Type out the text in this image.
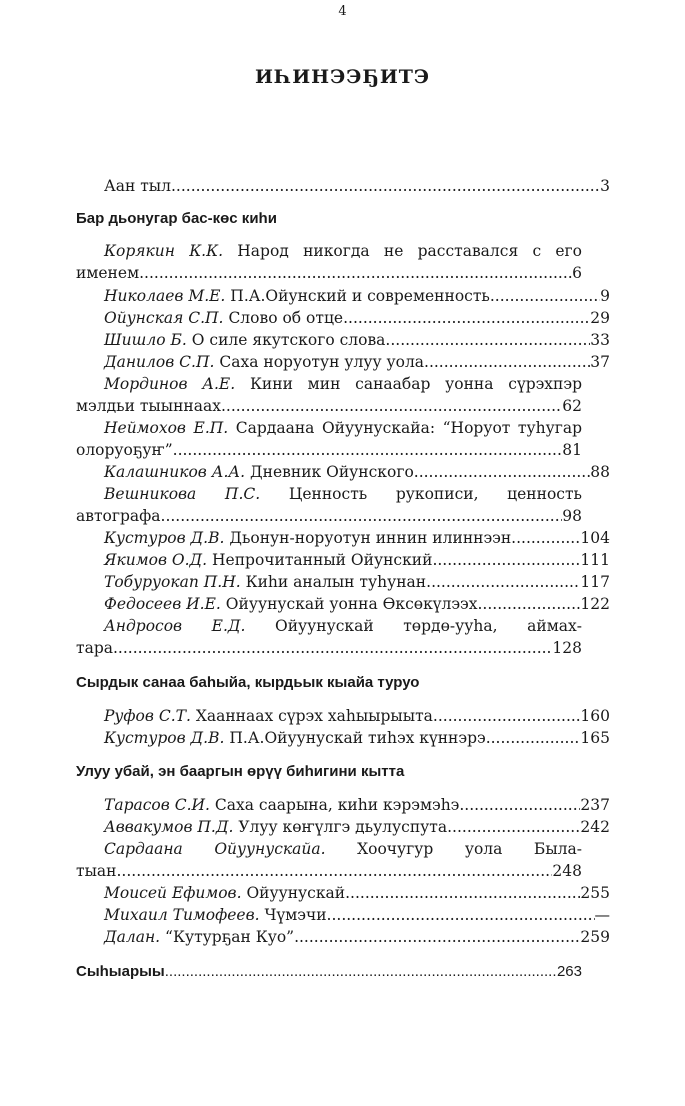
4
ИҺИНЭЭҔИТЭ
Аан тыл .....	3
Бар дьонугар бас-көс киһи
Корякин К.К. Народ никогда не расставался с его
именем .....	6
Николаев М.Е. П.А.Ойунский и современность .....	9
Ойунская С.П. Слово об отце .....	29
Шишло Б. О силе якутского слова .....	33
Данилов С.П. Саха норуотун улуу уола .....	37
Мординов А.Е. Кини мин санаабар уонна сүрэхпэр
мэлдьи тыыннаах .....	62
Неймохов Е.П. Сардаана Ойуунускайа: “Норуот туһугар
олоруоҕуҥ” .....	81
Калашников А.А. Дневник Ойунского .....	88
Вешникова П.С. Ценность рукописи, ценность
автографа .....	98
Кустуров Д.В. Дьонун-норуотун иннин илиннээн .....	104
Якимов О.Д. Непрочитанный Ойунский .....	111
Тобуруокап П.Н. Киһи аналын туһунан .....	117
Федосеев И.Е. Ойуунускай уонна Өксөкүлээх .....	122
Андросов Е.Д. Ойуунускай төрдө-ууһа, аймах-
тара .....	128
Сырдык санаа баһыйа, кырдьык кыайа туруо
Руфов С.Т. Хааннаах сүрэх хаһыырыыта .....	160
Кустуров Д.В. П.А.Ойуунускай тиһэх күннэрэ .....	165
Улуу убай, эн бааргын өрүү биһигини кытта
Тарасов С.И. Саха саарына, киһи кэрэмэһэ .....	237
Аввакумов П.Д. Улуу көҥүлгэ дьулуспута .....	242
Сардаана Ойуунускайа. Хоочугур уола Была-
тыан .....	248
Моисей Ефимов. Ойуунускай .....	255
Михаил Тимофеев. Чүмэчи .....	—
Далан. “Кутурҕан Куо” .....	259
Сыһыарыы .....	263
